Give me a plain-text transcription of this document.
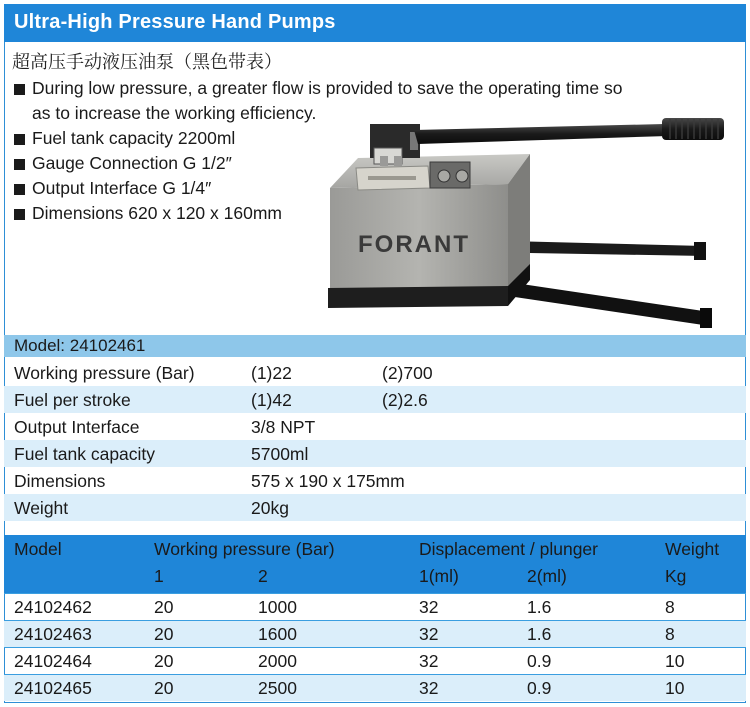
Ultra-High Pressure Hand Pumps
超高压手动液压油泵（黑色带表）
During low pressure, a greater flow is provided to save the operating time so
as to increase the working efficiency.
Fuel tank capacity 2200ml
Gauge Connection G 1/2″
Output Interface G 1/4″
Dimensions 620 x 120 x 160mm
FORANT
Model: 24102461
Working pressure (Bar)	(1)22	(2)700
Fuel per stroke	(1)42	(2)2.6
Output Interface	3/8 NPT
Fuel tank capacity	5700ml
Dimensions	575 x 190 x 175mm
Weight	20kg
Model	Working pressure (Bar)	Displacement / plunger	Weight
1	2	1(ml)	2(ml)	Kg
24102462	20	1000	32	1.6	8
24102463	20	1600	32	1.6	8
24102464	20	2000	32	0.9	10
24102465	20	2500	32	0.9	10
